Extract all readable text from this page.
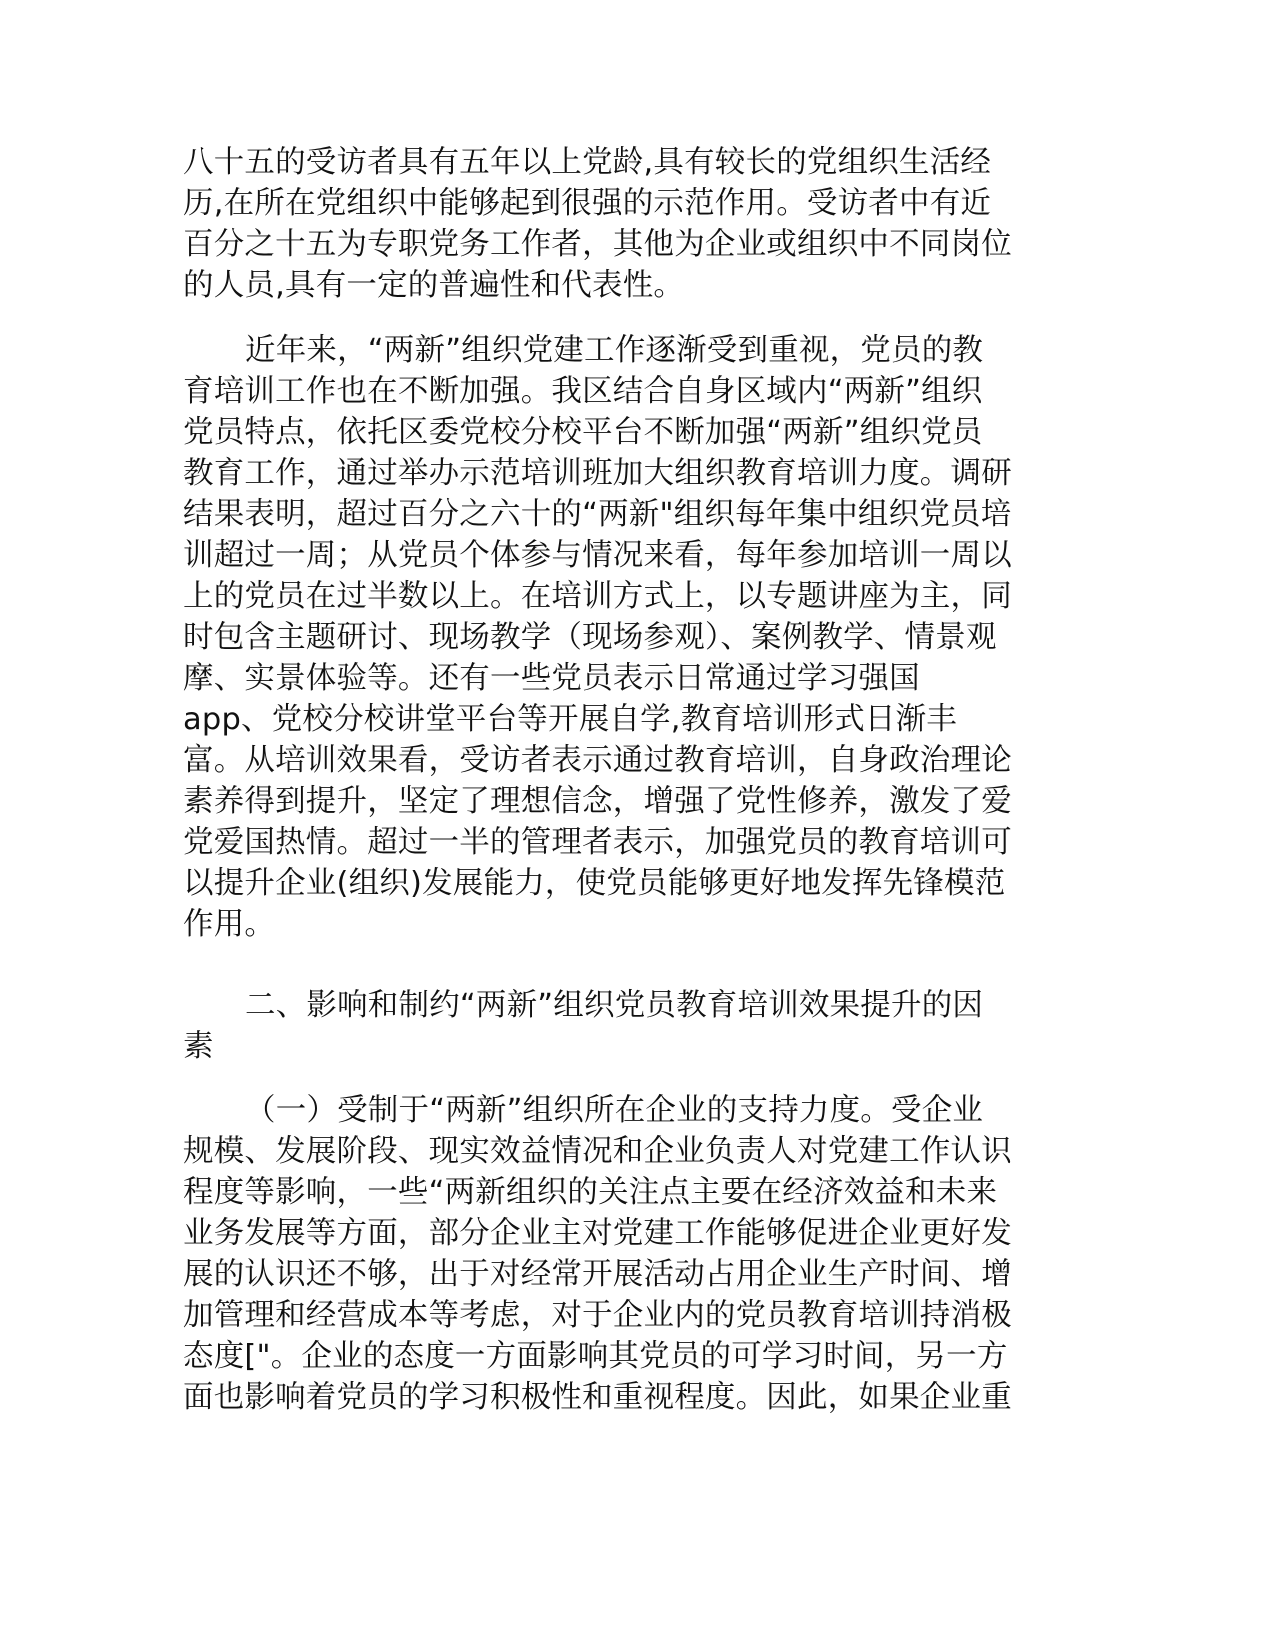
八十五的受访者具有五年以上党龄,具有较长的党组织生活经
历,在所在党组织中能够起到很强的示范作用。受访者中有近
百分之十五为专职党务工作者，其他为企业或组织中不同岗位
的人员,具有一定的普遍性和代表性。
近年来，“两新”组织党建工作逐渐受到重视，党员的教
育培训工作也在不断加强。我区结合自身区域内“两新”组织
党员特点，依托区委党校分校平台不断加强“两新”组织党员
教育工作，通过举办示范培训班加大组织教育培训力度。调研
结果表明，超过百分之六十的“两新"组织每年集中组织党员培
训超过一周；从党员个体参与情况来看，每年参加培训一周以
上的党员在过半数以上。在培训方式上，以专题讲座为主，同
时包含主题研讨、现场教学（现场参观）、案例教学、情景观
摩、实景体验等。还有一些党员表示日常通过学习强国
app、党校分校讲堂平台等开展自学,教育培训形式日渐丰
富。从培训效果看，受访者表示通过教育培训，自身政治理论
素养得到提升，坚定了理想信念，增强了党性修养，激发了爱
党爱国热情。超过一半的管理者表示，加强党员的教育培训可
以提升企业(组织)发展能力，使党员能够更好地发挥先锋模范
作用。
二、影响和制约“两新”组织党员教育培训效果提升的因
素
（一）受制于“两新”组织所在企业的支持力度。受企业
规模、发展阶段、现实效益情况和企业负责人对党建工作认识
程度等影响，一些“两新组织的关注点主要在经济效益和未来
业务发展等方面，部分企业主对党建工作能够促进企业更好发
展的认识还不够，出于对经常开展活动占用企业生产时间、增
加管理和经营成本等考虑，对于企业内的党员教育培训持消极
态度["。企业的态度一方面影响其党员的可学习时间，另一方
面也影响着党员的学习积极性和重视程度。因此，如果企业重
